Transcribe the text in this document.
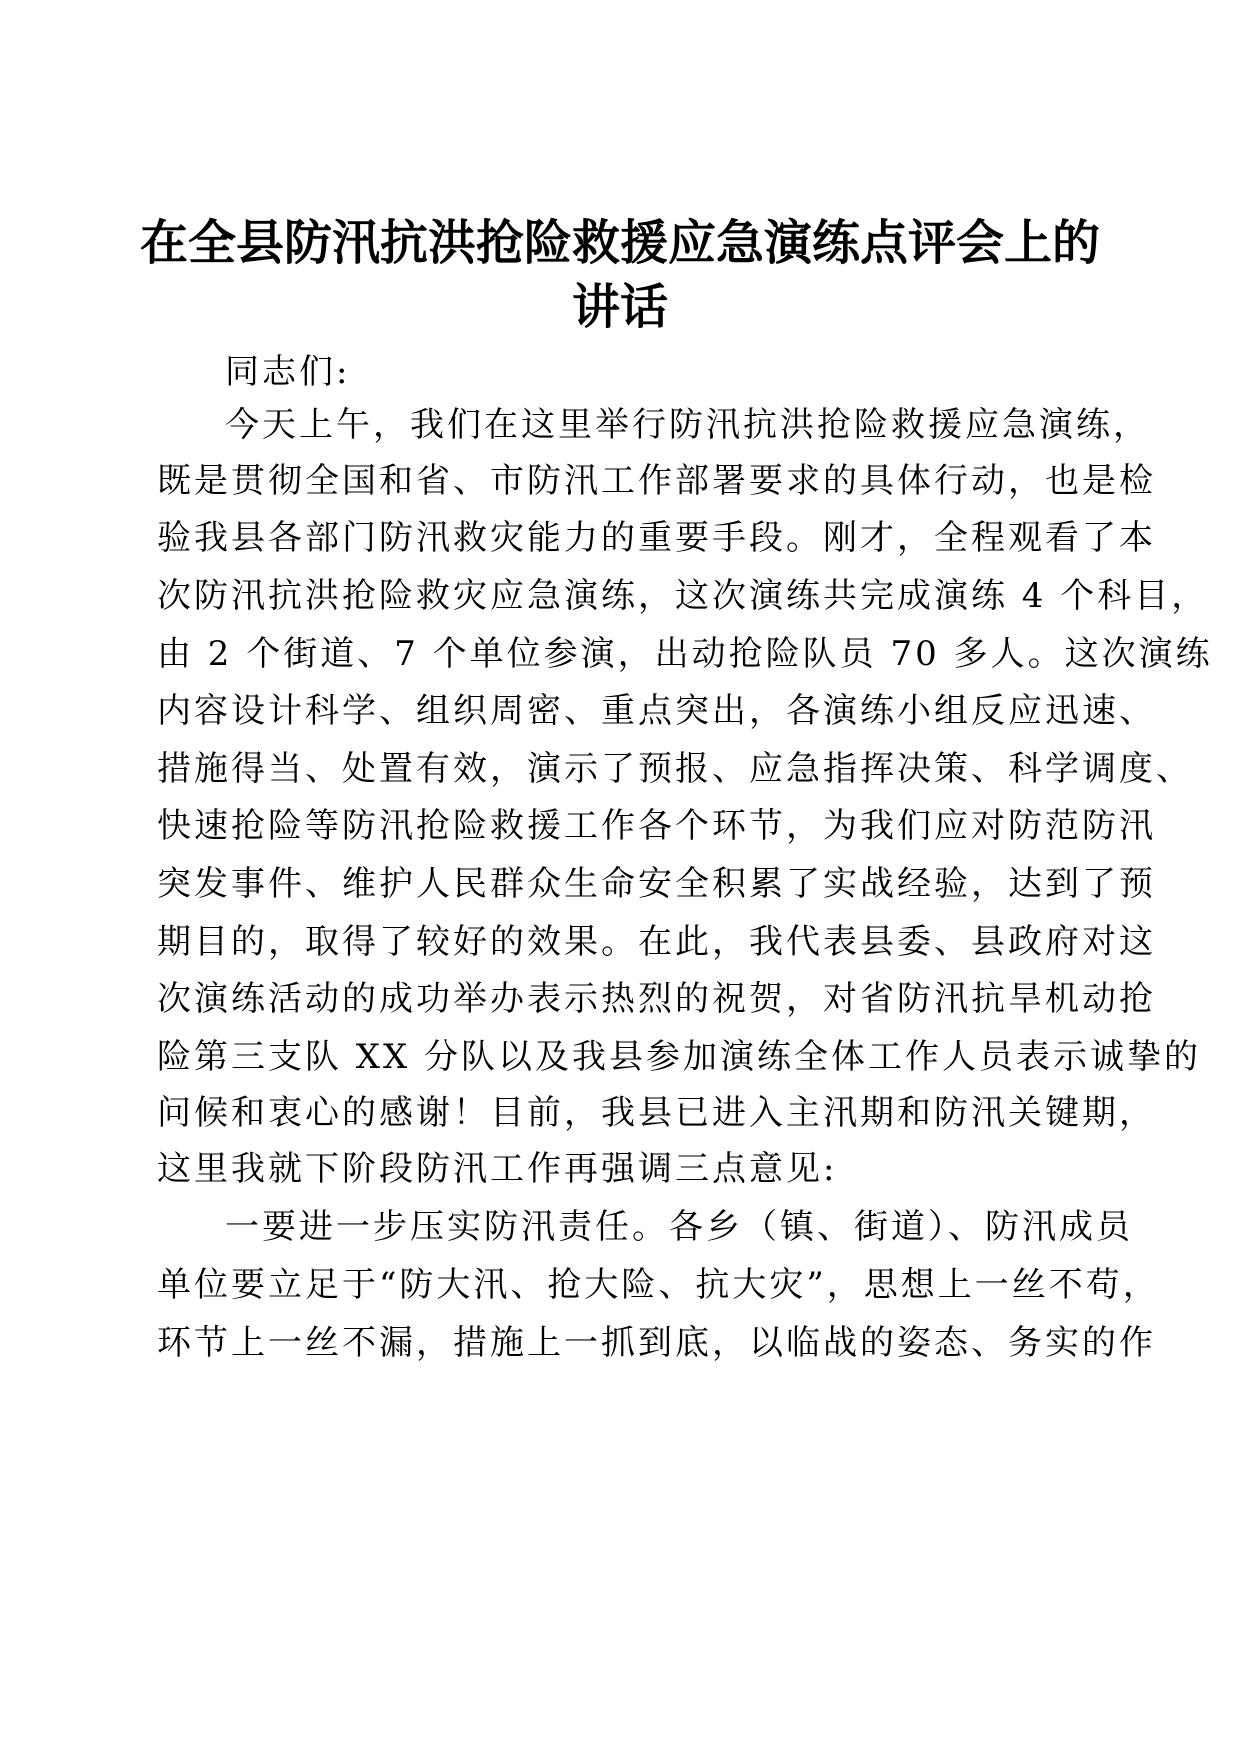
在全县防汛抗洪抢险救援应急演练点评会上的
讲话

同志们:

今天上午，我们在这里举行防汛抗洪抢险救援应急演练，

既是贯彻全国和省、市防汛工作部署要求的具体行动，也是检

验我县各部门防汛救灾能力的重要手段。刚才，全程观看了本

次防汛抗洪抢险救灾应急演练，这次演练共完成演练 4 个科目，

由 2 个街道、7 个单位参演，出动抢险队员 70 多人。这次演练

内容设计科学、组织周密、重点突出，各演练小组反应迅速、

措施得当、处置有效，演示了预报、应急指挥决策、科学调度、

快速抢险等防汛抢险救援工作各个环节，为我们应对防范防汛

突发事件、维护人民群众生命安全积累了实战经验，达到了预

期目的，取得了较好的效果。在此，我代表县委、县政府对这

次演练活动的成功举办表示热烈的祝贺，对省防汛抗旱机动抢

险第三支队 XX 分队以及我县参加演练全体工作人员表示诚挚的

问候和衷心的感谢！目前，我县已进入主汛期和防汛关键期，

这里我就下阶段防汛工作再强调三点意见:

一要进一步压实防汛责任。各乡（镇、街道）、防汛成员

单位要立足于“防大汛、抢大险、抗大灾”，思想上一丝不苟，

环节上一丝不漏，措施上一抓到底，以临战的姿态、务实的作
